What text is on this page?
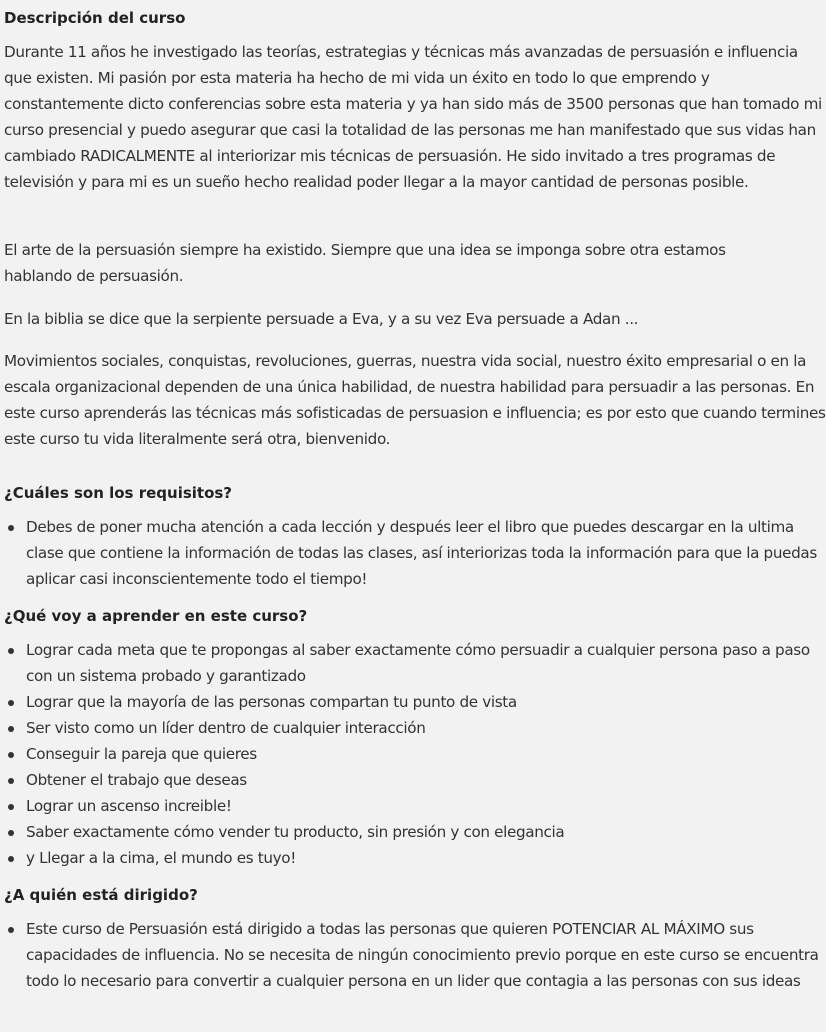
Descripción del curso

Durante 11 años he investigado las teorías, estrategias y técnicas más avanzadas de persuasión e influencia que existen. Mi pasión por esta materia ha hecho de mi vida un éxito en todo lo que emprendo y constantemente dicto conferencias sobre esta materia y ya han sido más de 3500 personas que han tomado mi curso presencial y puedo asegurar que casi la totalidad de las personas me han manifestado que sus vidas han cambiado RADICALMENTE al interiorizar mis técnicas de persuasión. He sido invitado a tres programas de televisión y para mi es un sueño hecho realidad poder llegar a la mayor cantidad de personas posible.

El arte de la persuasión siempre ha existido. Siempre que una idea se imponga sobre otra estamos hablando de persuasión.

En la biblia se dice que la serpiente persuade a Eva, y a su vez Eva persuade a Adan ...

Movimientos sociales, conquistas, revoluciones, guerras, nuestra vida social, nuestro éxito empresarial o en la escala organizacional dependen de una única habilidad, de nuestra habilidad para persuadir a las personas. En este curso aprenderás las técnicas más sofisticadas de persuasion e influencia; es por esto que cuando termines este curso tu vida literalmente será otra, bienvenido.

¿Cuáles son los requisitos?
Debes de poner mucha atención a cada lección y después leer el libro que puedes descargar en la ultima clase que contiene la información de todas las clases, así interiorizas toda la información para que la puedas aplicar casi inconscientemente todo el tiempo!
¿Qué voy a aprender en este curso?
Lograr cada meta que te propongas al saber exactamente cómo persuadir a cualquier persona paso a paso con un sistema probado y garantizado
Lograr que la mayoría de las personas compartan tu punto de vista
Ser visto como un líder dentro de cualquier interacción
Conseguir la pareja que quieres
Obtener el trabajo que deseas
Lograr un ascenso increible!
Saber exactamente cómo vender tu producto, sin presión y con elegancia
y Llegar a la cima, el mundo es tuyo!
¿A quién está dirigido?
Este curso de Persuasión está dirigido a todas las personas que quieren POTENCIAR AL MÁXIMO sus capacidades de influencia. No se necesita de ningún conocimiento previo porque en este curso se encuentra todo lo necesario para convertir a cualquier persona en un lider que contagia a las personas con sus ideas
